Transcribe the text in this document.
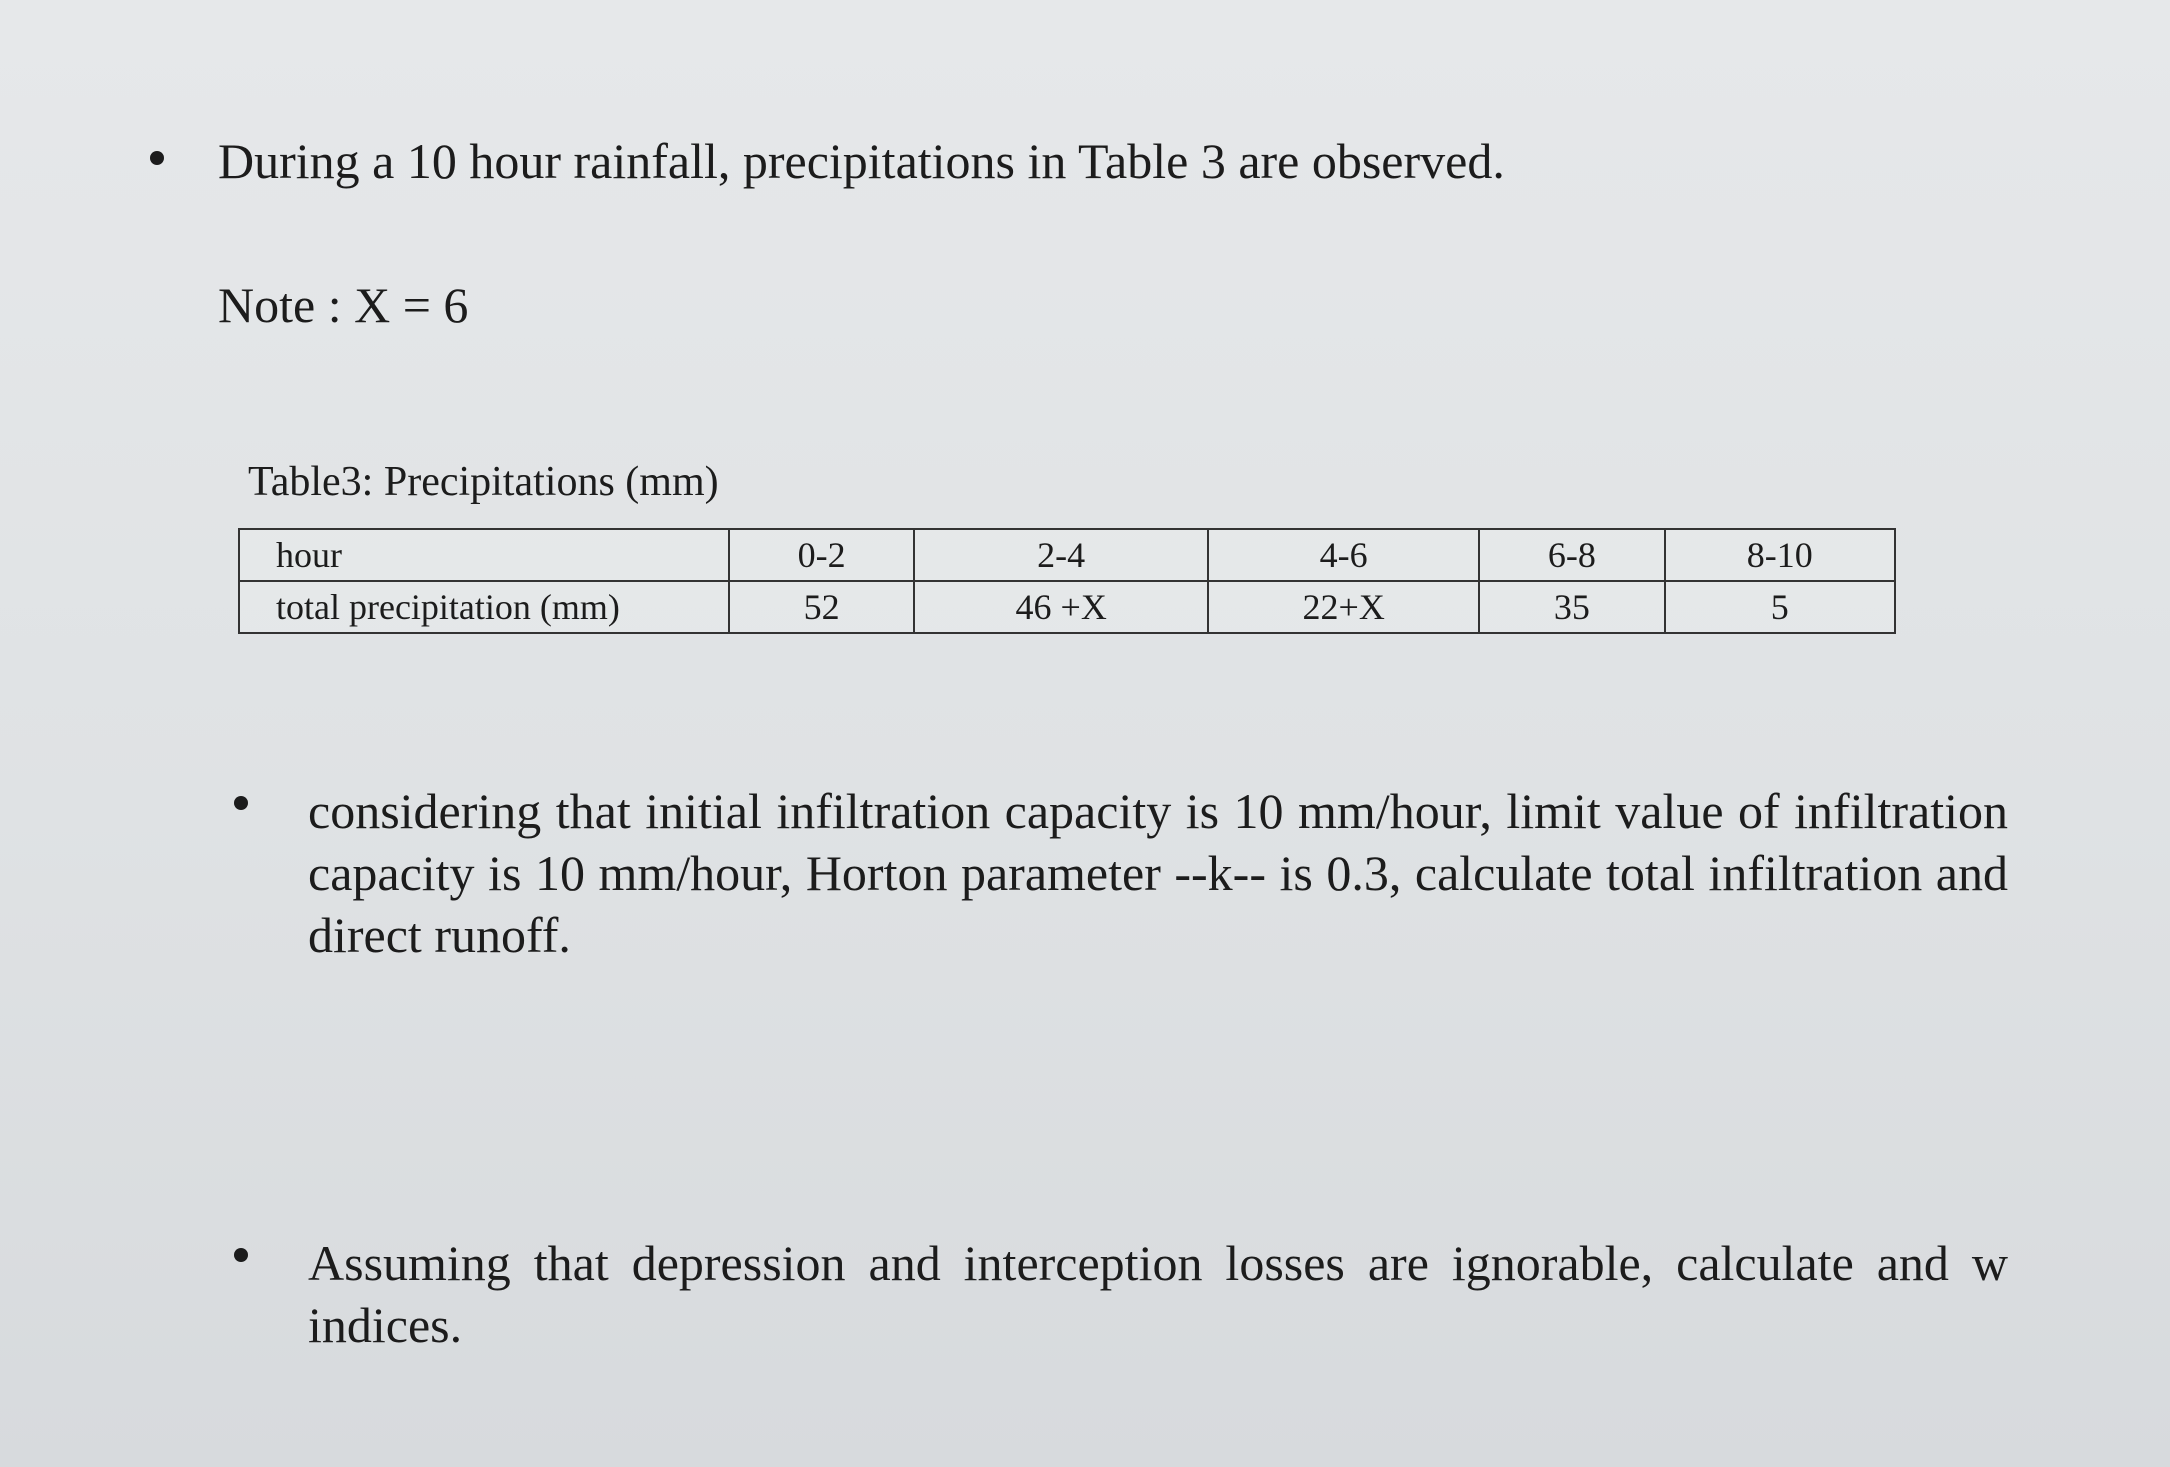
During a 10 hour rainfall, precipitations in Table 3 are observed.
Note : X = 6
Table3: Precipitations (mm)
hour	0-2	2-4	4-6	6-8	8-10
total precipitation (mm)	52	46 +X	22+X	35	5
considering that initial infiltration capacity is 10 mm/hour, limit value of infiltration capacity is 10 mm/hour, Horton parameter --k-- is 0.3, calculate total infiltration and direct runoff.
Assuming that depression and interception losses are ignorable, calculate and w indices.
